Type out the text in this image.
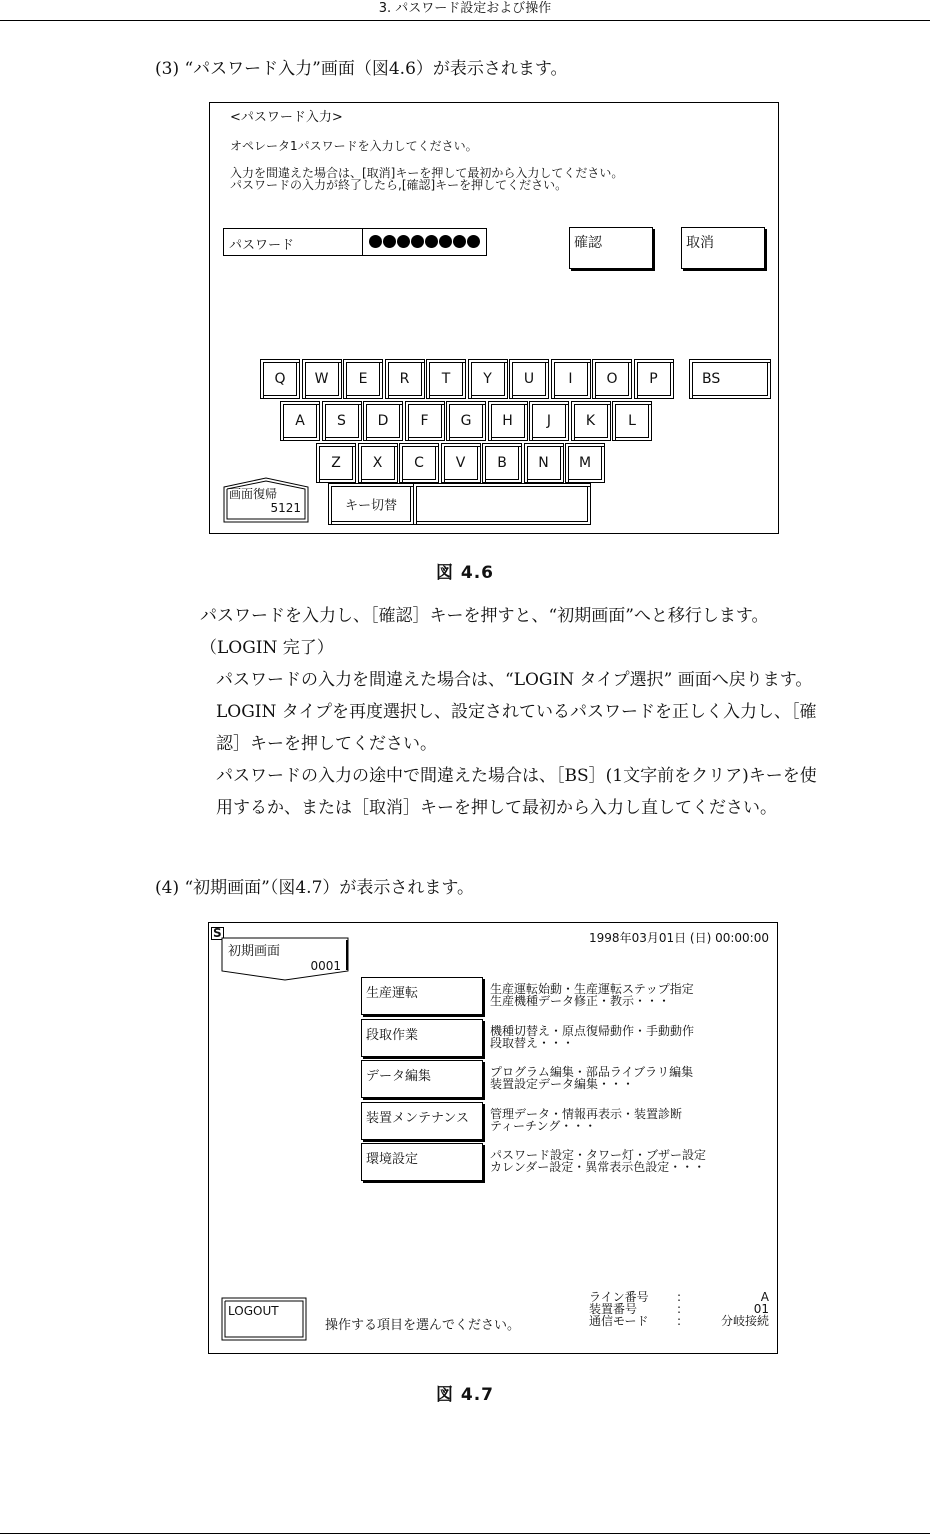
3. パスワード設定および操作
(3) “パスワード入力”画面（図4.6）が表示されます。
<パスワード入力>
オペレータ1パスワードを入力してください。
入力を間違えた場合は、[取消]キーを押して最初から入力してください。
パスワードの入力が終了したら,[確認]キーを押してください。
パスワード	確認	取消
Q	W	E	R	T	Y	U	I	O	P
A	S	D	F	G	H	J	K	L
Z	X	C	V	B	N	M
BS
画面復帰
5121	キー切替
図 4.6
パスワードを入力し、［確認］キーを押すと、“初期画面”へと移行します。（LOGIN 完了）
パスワードの入力を間違えた場合は、“LOGIN タイプ選択” 画面へ戻ります。LOGIN タイプを再度選択し、設定されているパスワードを正しく入力し、［確認］キーを押してください。
パスワードの入力の途中で間違えた場合は、［BS］(1文字前をクリア)キーを使用するか、または［取消］キーを押して最初から入力し直してください。
(4) “初期画面”（図4.7）が表示されます。
S
初期画面
0001
1998年03月01日 (日) 00:00:00
生産運転	生産運転始動・生産運転ステップ指定
生産機種データ修正・教示・・・
段取作業	機種切替え・原点復帰動作・手動動作
段取替え・・・
データ編集	プログラム編集・部品ライブラリ編集
装置設定データ編集・・・
装置メンテナンス 管理データ・情報再表示・装置診断
ティーチング・・・
環境設定	パスワード設定・タワー灯・ブザー設定
カレンダー設定・異常表示色設定・・・
LOGOUT
操作する項目を選んでください。
ライン番号 :	A
装置番号	:	01
通信モード :	分岐接続
図 4.7
